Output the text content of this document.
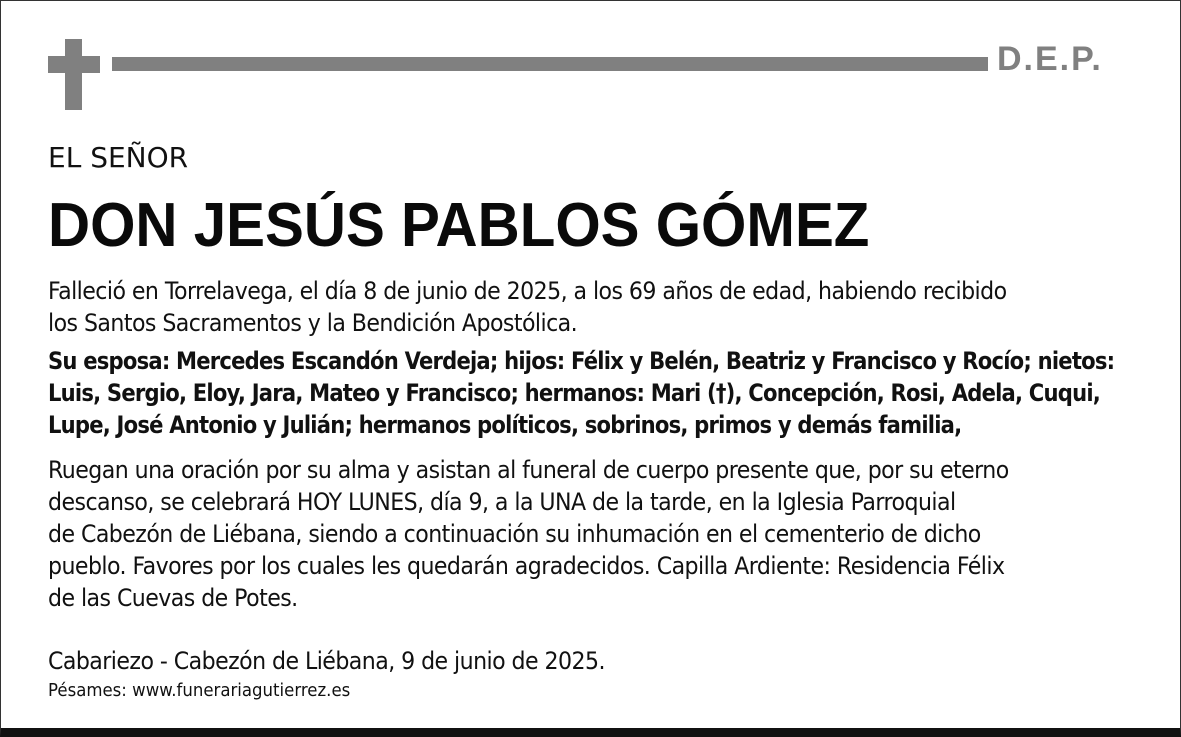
D.E.P.

EL SEÑOR

DON JESÚS PABLOS GÓMEZ
Falleció en Torrelavega, el día 8 de junio de 2025, a los 69 años de edad, habiendo recibido
los Santos Sacramentos y la Bendición Apostólica.
Su esposa: Mercedes Escandón Verdeja; hijos: Félix y Belén, Beatriz y Francisco y Rocío; nietos:
Luis, Sergio, Eloy, Jara, Mateo y Francisco; hermanos: Mari (†), Concepción, Rosi, Adela, Cuqui,
Lupe, José Antonio y Julián; hermanos políticos, sobrinos, primos y demás familia,
Ruegan una oración por su alma y asistan al funeral de cuerpo presente que, por su eterno
descanso, se celebrará HOY LUNES, día 9, a la UNA de la tarde, en la Iglesia Parroquial
de Cabezón de Liébana, siendo a continuación su inhumación en el cementerio de dicho
pueblo. Favores por los cuales les quedarán agradecidos. Capilla Ardiente: Residencia Félix
de las Cuevas de Potes.

Cabariezo - Cabezón de Liébana, 9 de junio de 2025.

Pésames: www.funerariagutierrez.es
